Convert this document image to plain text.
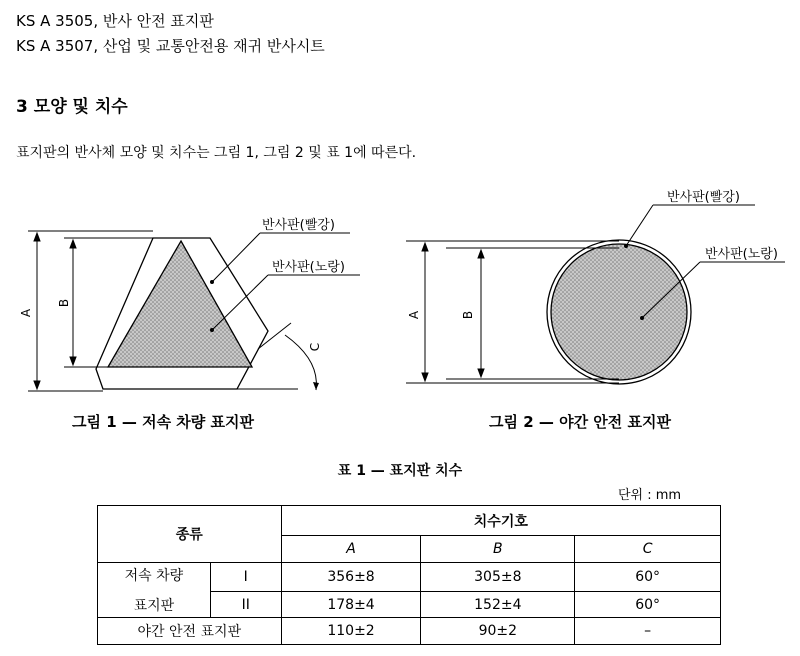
KS A 3505, 반사 안전 표지판
KS A 3507, 산업 및 교통안전용 재귀 반사시트
3 모양 및 치수
표지판의 반사체 모양 및 치수는 그림 1, 그림 2 및 표 1에 따른다.
A
B
C
반사판(빨강)
반사판(노랑)
그림 1 — 저속 차량 표지판
A	B
반사판(빨강)
반사판(노랑)
그림 2 — 야간 안전 표지판
표 1 — 표지판 치수
단위 : mm
종류		치수기호		
		A	B	C

저속 차량
표지판	I	356±8	305±8	60°
	II	178±4	152±4	60°
야간 안전 표지판		110±2	90±2	–
